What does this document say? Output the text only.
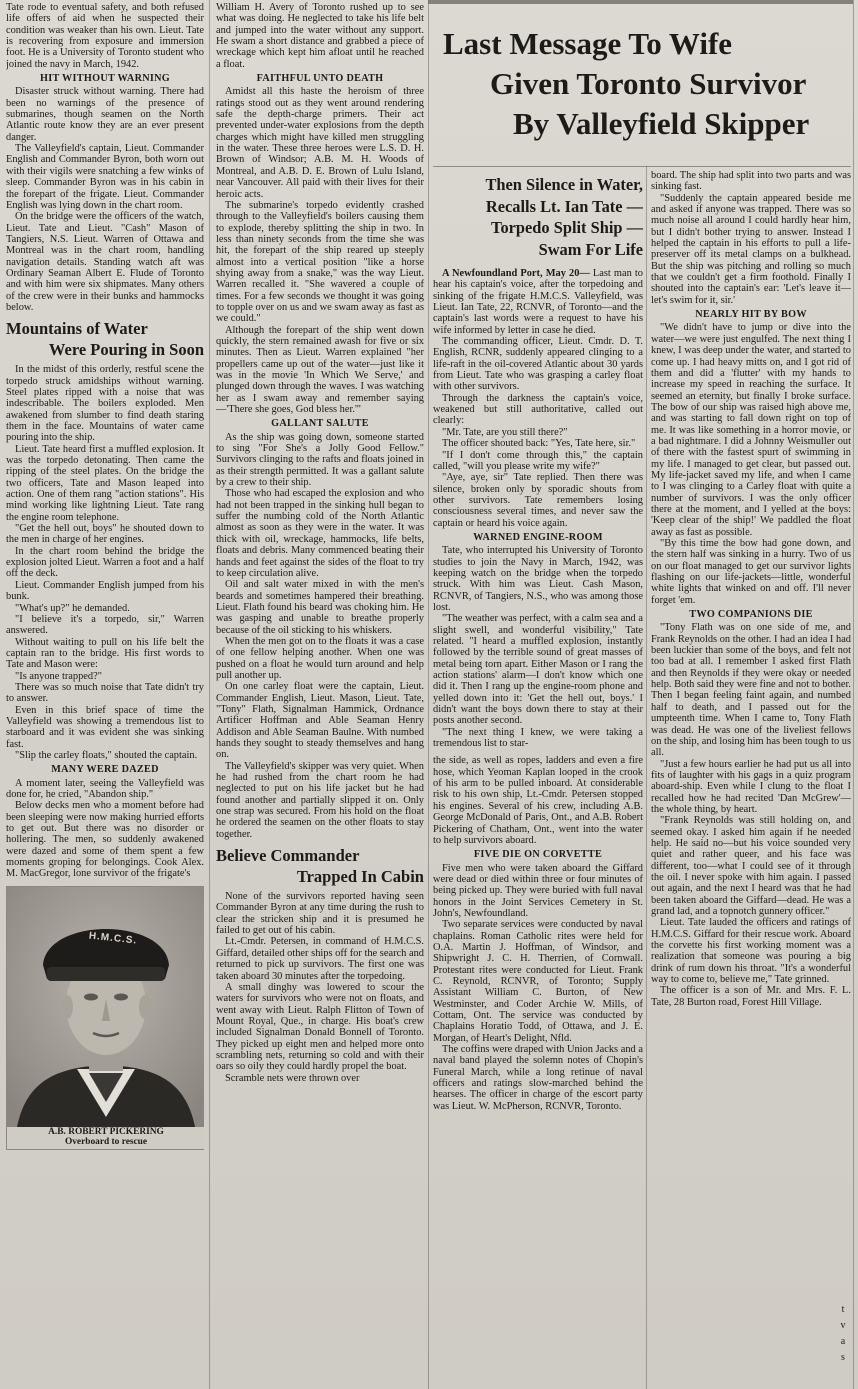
Last Message To Wife
Given Toronto Survivor
By Valleyfield Skipper

Tate rode to eventual safety, and both refused life offers of aid when he suspected their condition was weaker than his own. Lieut. Tate is recovering from exposure and immersion foot. He is a University of Toronto student who joined the navy in March, 1942.

HIT WITHOUT WARNING

Disaster struck without warning. There had been no warnings of the presence of submarines, though seamen on the North Atlantic route know they are an ever present danger.

The Valleyfield's captain, Lieut. Commander English and Commander Byron, both worn out with their vigils were snatching a few winks of sleep. Commander Byron was in his cabin in the forepart of the frigate. Lieut. Commander English was lying down in the chart room.

On the bridge were the officers of the watch, Lieut. Tate and Lieut. "Cash" Mason of Tangiers, N.S. Lieut. Warren of Ottawa and Montreal was in the chart room, handling navigation details. Standing watch aft was Ordinary Seaman Albert E. Flude of Toronto and with him were six shipmates. Many others of the crew were in their bunks and hammocks below.

Mountains of Water
Were Pouring in Soon

In the midst of this orderly, restful scene the torpedo struck amidships without warning. Steel plates ripped with a noise that was indescribable. The boilers exploded. Men awakened from slumber to find death staring them in the face. Mountains of water came pouring into the ship.

Lieut. Tate heard first a muffled explosion. It was the torpedo detonating. Then came the ripping of the steel plates. On the bridge the two officers, Tate and Mason leaped into action. One of them rang "action stations". His mind working like lightning Lieut. Tate rang the engine room telephone.

"Get the hell out, boys" he shouted down to the men in charge of her engines.

In the chart room behind the bridge the explosion jolted Lieut. Warren a foot and a half off the deck.

Lieut. Commander English jumped from his bunk.

"What's up?" he demanded.

"I believe it's a torpedo, sir," Warren answered.

Without waiting to pull on his life belt the captain ran to the bridge. His first words to Tate and Mason were:

"Is anyone trapped?"

There was so much noise that Tate didn't try to answer.

Even in this brief space of time the Valleyfield was showing a tremendous list to starboard and it was evident she was sinking fast.

"Slip the carley floats," shouted the captain.

MANY WERE DAZED

A moment later, seeing the Valleyfield was done for, he cried, "Abandon ship."

Below decks men who a moment before had been sleeping were now making hurried efforts to get out. But there was no disorder or hollering. The men, so suddenly awakened were dazed and some of them spent a few moments groping for belongings. Cook Alex. M. MacGregor, lone survivor of the frigate's

H.M.C.S.
A.B. ROBERT PICKERING
Overboard to rescue

William H. Avery of Toronto rushed up to see what was doing. He neglected to take his life belt and jumped into the water without any support. He swam a short distance and grabbed a piece of wreckage which kept him afloat until he reached a float.

FAITHFUL UNTO DEATH

Amidst all this haste the heroism of three ratings stood out as they went around rendering safe the depth-charge primers. Their act prevented under-water explosions from the depth charges which might have killed men struggling in the water. These three heroes were L.S. D. H. Brown of Windsor; A.B. M. H. Woods of Montreal, and A.B. D. E. Brown of Lulu Island, near Vancouver. All paid with their lives for their heroic acts.

The submarine's torpedo evidently crashed through to the Valleyfield's boilers causing them to explode, thereby splitting the ship in two. In less than ninety seconds from the time she was hit, the forepart of the ship reared up steeply almost into a vertical position "like a horse shying away from a snake," was the way Lieut. Warren recalled it. "She wavered a couple of times. For a few seconds we thought it was going to topple over on us and we swam away as fast as we could."

Although the forepart of the ship went down quickly, the stern remained awash for five or six minutes. Then as Lieut. Warren explained "her propellers came up out of the water—just like it was in the movie 'In Which We Serve,' and plunged down through the waves. I was watching her as I swam away and remember saying—'There she goes, God bless her.'"

GALLANT SALUTE

As the ship was going down, someone started to sing "For She's a Jolly Good Fellow." Survivors clinging to the rafts and floats joined in as their strength permitted. It was a gallant salute by a crew to their ship.

Those who had escaped the explosion and who had not been trapped in the sinking hull began to suffer the numbing cold of the North Atlantic almost as soon as they were in the water. It was thick with oil, wreckage, hammocks, life belts, floats and debris. Many commenced beating their hands and feet against the sides of the float to try to keep circulation alive.

Oil and salt water mixed in with the men's beards and sometimes hampered their breathing. Lieut. Flath found his beard was choking him. He was gasping and unable to breathe properly because of the oil sticking to his whiskers.

When the men got on to the floats it was a case of one fellow helping another. When one was pushed on a float he would turn around and help pull another up.

On one carley float were the captain, Lieut. Commander English, Lieut. Mason, Lieut. Tate, "Tony" Flath, Signalman Hammick, Ordnance Artificer Hoffman and Able Seaman Henry Addison and Able Seaman Baulne. With numbed hands they sought to steady themselves and hang on.

The Valleyfield's skipper was very quiet. When he had rushed from the chart room he had neglected to put on his life jacket but he had found another and partially slipped it on. Only one strap was secured. From his hold on the float he ordered the seamen on the other floats to stay together.

Believe Commander
Trapped In Cabin

None of the survivors reported having seen Commander Byron at any time during the rush to clear the stricken ship and it is presumed he failed to get out of his cabin.

Lt.-Cmdr. Petersen, in command of H.M.C.S. Giffard, detailed other ships off for the search and returned to pick up survivors. The first one was taken aboard 30 minutes after the torpedoing.

A small dinghy was lowered to scour the waters for survivors who were not on floats, and went away with Lieut. Ralph Flitton of Town of Mount Royal, Que., in charge. His boat's crew included Signalman Donald Bonnell of Toronto. They picked up eight men and helped more onto scrambling nets, returning so cold and with their oars so oily they could hardly propel the boat.

Scramble nets were thrown over

Then Silence in Water,
Recalls Lt. Ian Tate —
Torpedo Split Ship —
Swam For Life

A Newfoundland Port, May 20— Last man to hear his captain's voice, after the torpedoing and sinking of the frigate H.M.C.S. Valleyfield, was Lieut. Ian Tate, 22, RCNVR, of Toronto—and the captain's last words were a request to have his wife informed by letter in case he died.

The commanding officer, Lieut. Cmdr. D. T. English, RCNR, suddenly appeared clinging to a life-raft in the oil-covered Atlantic about 30 yards from Lieut. Tate who was grasping a carley float with other survivors.

Through the darkness the captain's voice, weakened but still authoritative, called out clearly:

"Mr. Tate, are you still there?"

The officer shouted back: "Yes, Tate here, sir."

"If I don't come through this," the captain called, "will you please write my wife?"

"Aye, aye, sir" Tate replied. Then there was silence, broken only by sporadic shouts from other survivors. Tate remembers losing consciousness several times, and never saw the captain or heard his voice again.

WARNED ENGINE-ROOM

Tate, who interrupted his University of Toronto studies to join the Navy in March, 1942, was keeping watch on the bridge when the torpedo struck. With him was Lieut. Cash Mason, RCNVR, of Tangiers, N.S., who was among those lost.

"The weather was perfect, with a calm sea and a slight swell, and wonderful visibility," Tate related. "I heard a muffled explosion, instantly followed by the terrible sound of great masses of metal being torn apart. Either Mason or I rang the action stations' alarm—I don't know which one did it. Then I rang up the engine-room phone and yelled down into it: 'Get the hell out, boys.' I didn't want the boys down there to stay at their posts another second.

"The next thing I knew, we were taking a tremendous list to star-

the side, as well as ropes, ladders and even a fire hose, which Yeoman Kaplan looped in the crook of his arm to be pulled inboard. At considerable risk to his own ship, Lt.-Cmdr. Petersen stopped his engines. Several of his crew, including A.B. George McDonald of Paris, Ont., and A.B. Robert Pickering of Chatham, Ont., went into the water to help survivors aboard.

FIVE DIE ON CORVETTE

Five men who were taken aboard the Giffard were dead or died within three or four minutes of being picked up. They were buried with full naval honors in the Joint Services Cemetery in St. John's, Newfoundland.

Two separate services were conducted by naval chaplains. Roman Catholic rites were held for O.A. Martin J. Hoffman, of Windsor, and Shipwright J. C. H. Therrien, of Cornwall. Protestant rites were conducted for Lieut. Frank C. Reynold, RCNVR, of Toronto; Supply Assistant William C. Burton, of New Westminster, and Coder Archie W. Mills, of Cottam, Ont. The service was conducted by Chaplains Horatio Todd, of Ottawa, and J. E. Morgan, of Heart's Delight, Nfld.

The coffins were draped with Union Jacks and a naval band played the solemn notes of Chopin's Funeral March, while a long retinue of naval officers and ratings slow-marched behind the hearses. The officer in charge of the escort party was Lieut. W. McPherson, RCNVR, Toronto.

board. The ship had split into two parts and was sinking fast.

"Suddenly the captain appeared beside me and asked if anyone was trapped. There was so much noise all around I could hardly hear him, but I didn't bother trying to answer. Instead I helped the captain in his efforts to pull a life-preserver off its metal clamps on a bulkhead. But the ship was pitching and rolling so much that we couldn't get a firm foothold. Finally I shouted into the captain's ear: 'Let's leave it—let's swim for it, sir.'

NEARLY HIT BY BOW

"We didn't have to jump or dive into the water—we were just engulfed. The next thing I knew, I was deep under the water, and started to come up. I had heavy mitts on, and I got rid of them and did a 'flutter' with my hands to increase my speed in reaching the surface. It seemed an eternity, but finally I broke surface. The bow of our ship was raised high above me, and was starting to fall down right on top of me. It was like something in a horror movie, or a bad nightmare. I did a Johnny Weismuller out of there with the fastest spurt of swimming in my life. I managed to get clear, but passed out. My life-jacket saved my life, and when I came to I was clinging to a Carley float with quite a number of survivors. I was the only officer there at the moment, and I yelled at the boys: 'Keep clear of the ship!' We paddled the float away as fast as possible.

"By this time the bow had gone down, and the stern half was sinking in a hurry. Two of us on our float managed to get our survivor lights flashing on our life-jackets—little, wonderful white lights that winked on and off. I'll never forget 'em.

TWO COMPANIONS DIE

"Tony Flath was on one side of me, and Frank Reynolds on the other. I had an idea I had been luckier than some of the boys, and felt not too bad at all. I remember I asked first Flath and then Reynolds if they were okay or needed help. Both said they were fine and not to bother. Then I began feeling faint again, and numbed half to death, and I passed out for the umpteenth time. When I came to, Tony Flath was dead. He was one of the liveliest fellows on the ship, and losing him has been tough to us all.

"Just a few hours earlier he had put us all into fits of laughter with his gags in a quiz program aboard-ship. Even while I clung to the float I recalled how he had recited 'Dan McGrew'—the whole thing, by heart.

"Frank Reynolds was still holding on, and seemed okay. I asked him again if he needed help. He said no—but his voice sounded very quiet and rather queer, and his face was different, too—what I could see of it through the oil. I never spoke with him again. I passed out again, and the next I heard was that he had been taken aboard the Giffard—dead. He was a grand lad, and a topnotch gunnery officer."

Lieut. Tate lauded the officers and ratings of H.M.C.S. Giffard for their rescue work. Aboard the corvette his first working moment was a realization that someone was pouring a big drink of rum down his throat. "It's a wonderful way to come to, believe me," Tate grinned.

The officer is a son of Mr. and Mrs. F. L. Tate, 28 Burton road, Forest Hill Village.

t
v
a
s
